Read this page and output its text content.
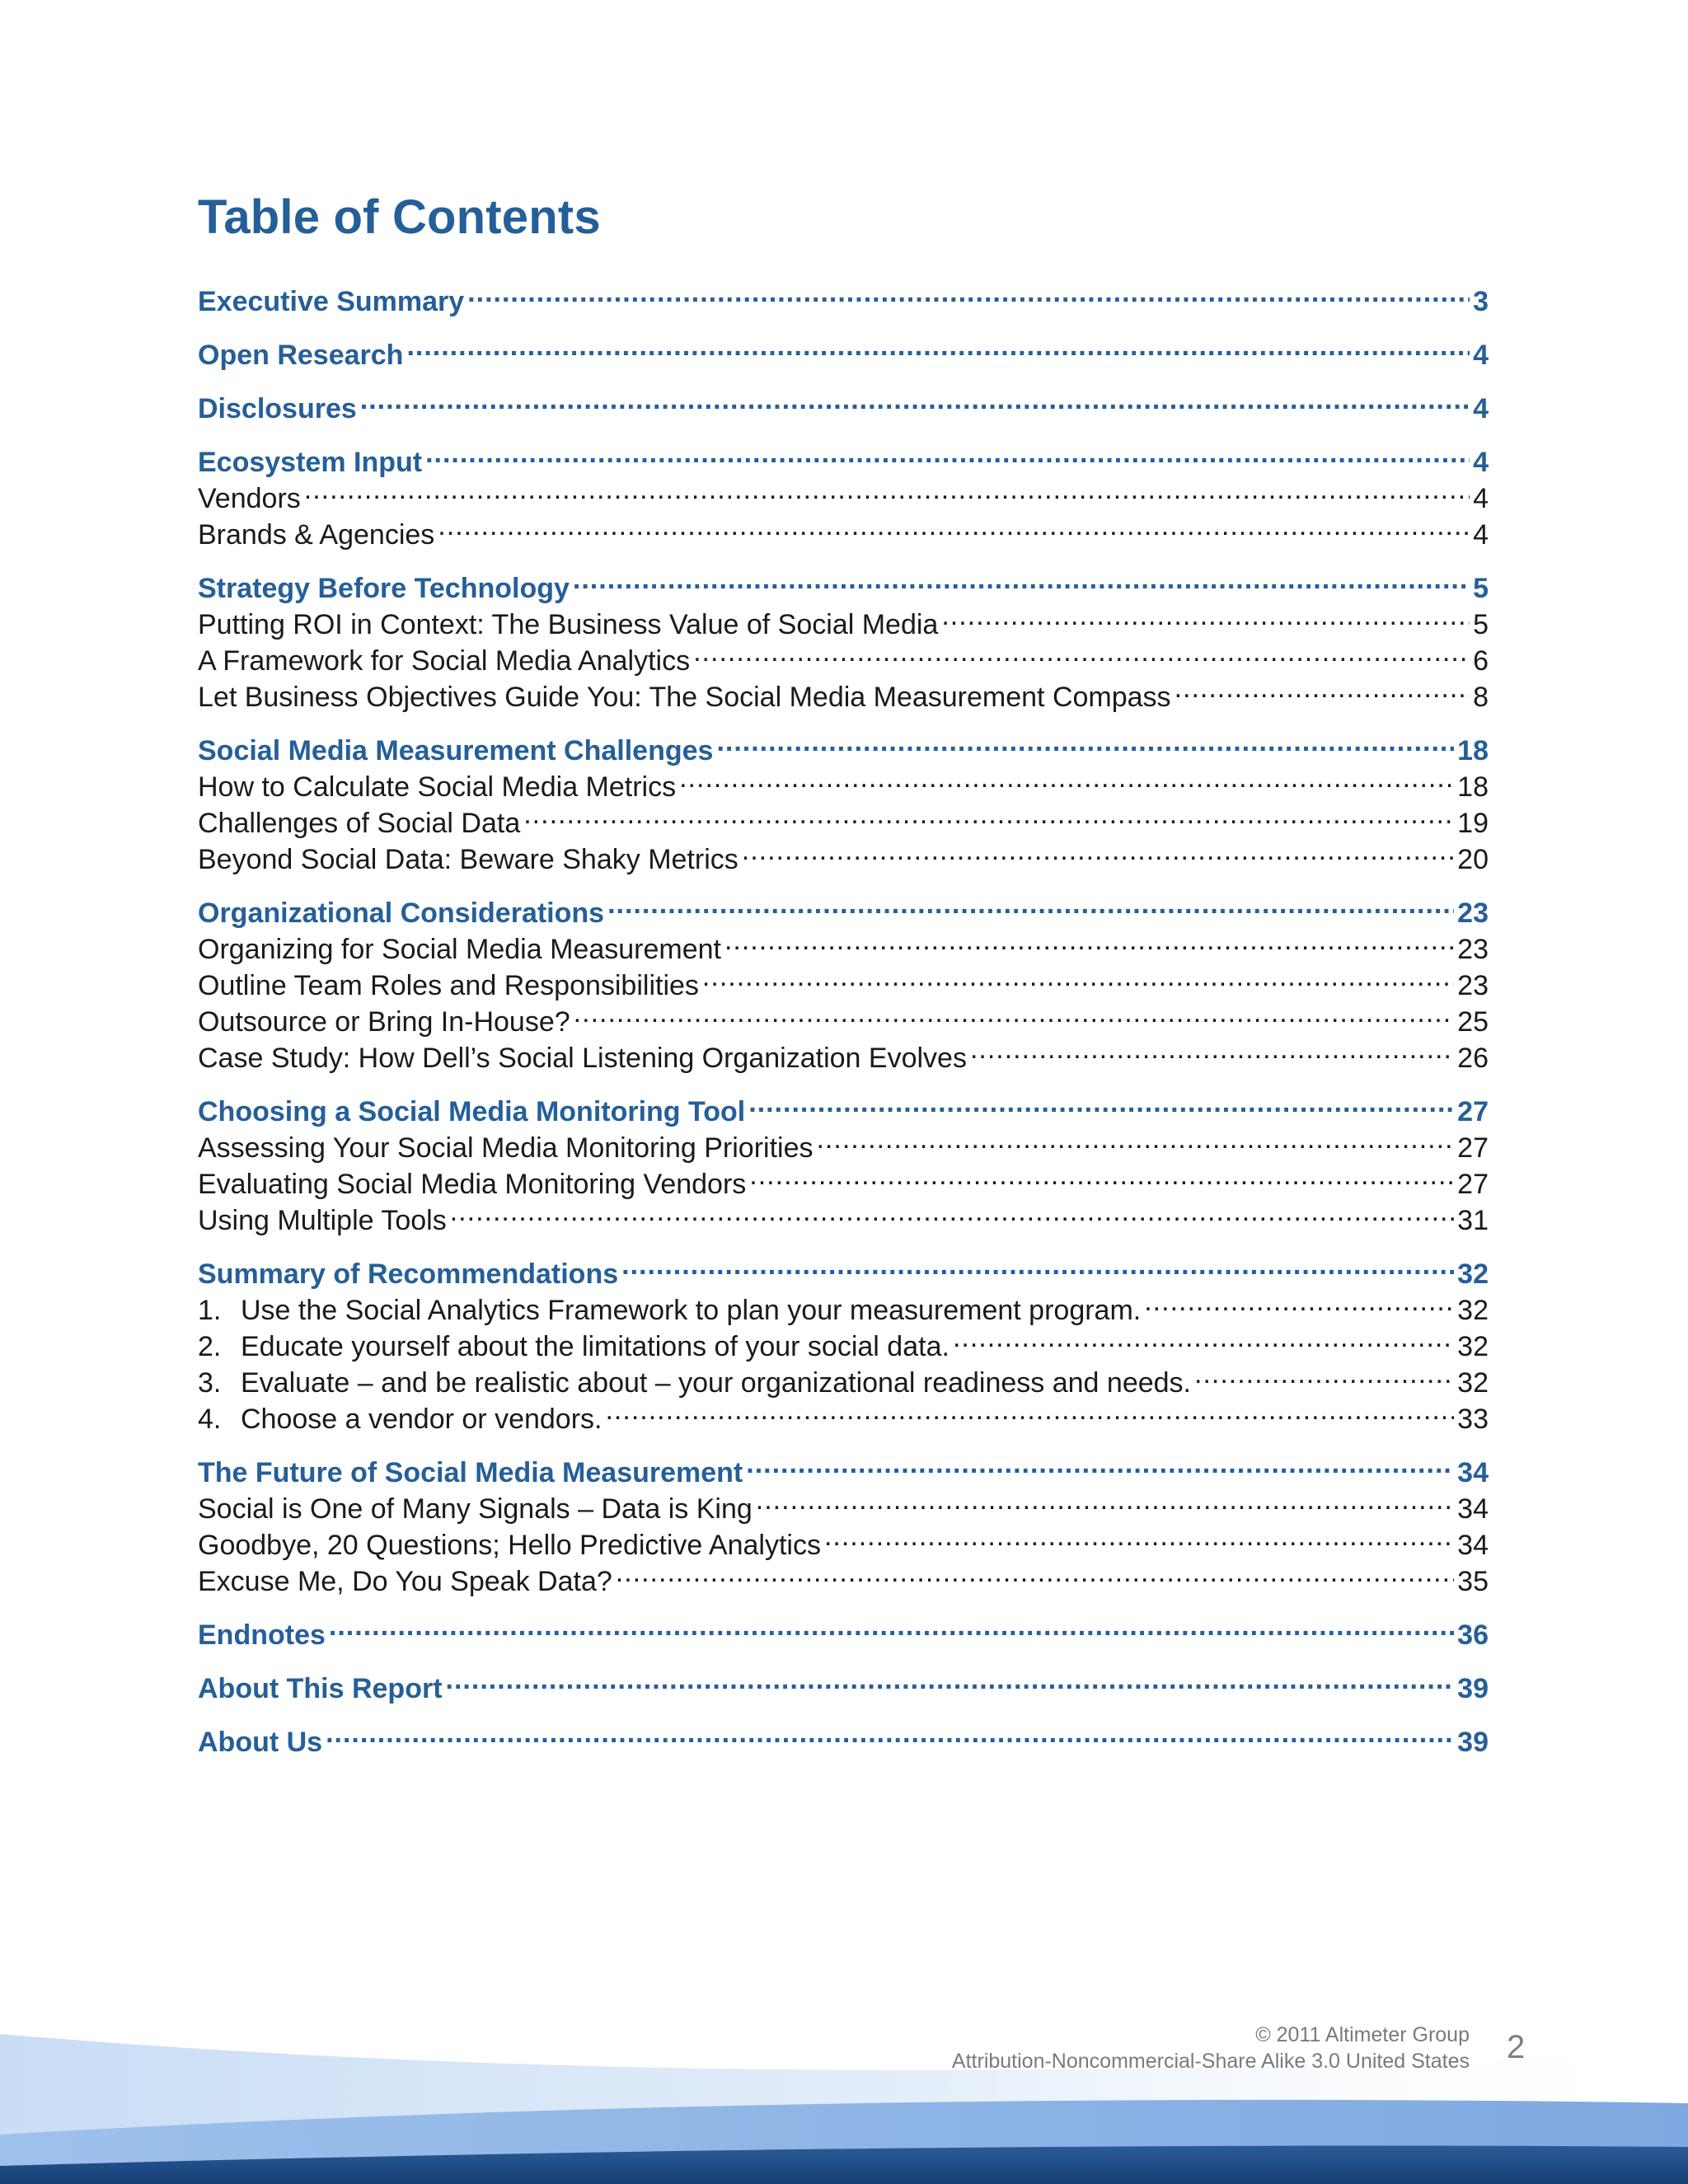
Table of Contents
Executive Summary .....	3
Open Research .....	4
Disclosures .....	4
Ecosystem Input .....	4
Vendors .....	4
Brands & Agencies .....	4
Strategy Before Technology .....	5
Putting ROI in Context: The Business Value of Social Media .....	5
A Framework for Social Media Analytics .....	6
Let Business Objectives Guide You: The Social Media Measurement Compass .....	8
Social Media Measurement Challenges .....	18
How to Calculate Social Media Metrics .....	18
Challenges of Social Data .....	19
Beyond Social Data: Beware Shaky Metrics .....	20
Organizational Considerations .....	23
Organizing for Social Media Measurement .....	23
Outline Team Roles and Responsibilities .....	23
Outsource or Bring In-House? .....	25
Case Study: How Dell’s Social Listening Organization Evolves .....	26
Choosing a Social Media Monitoring Tool .....	27
Assessing Your Social Media Monitoring Priorities .....	27
Evaluating Social Media Monitoring Vendors .....	27
Using Multiple Tools .....	31
Summary of Recommendations .....	32
1. Use the Social Analytics Framework to plan your measurement program. .....	32
2. Educate yourself about the limitations of your social data. .....	32
3. Evaluate – and be realistic about – your organizational readiness and needs. .....	32
4. Choose a vendor or vendors. .....	33
The Future of Social Media Measurement .....	34
Social is One of Many Signals – Data is King .....	34
Goodbye, 20 Questions; Hello Predictive Analytics .....	34
Excuse Me, Do You Speak Data? .....	35
Endnotes .....	36
About This Report .....	39
About Us .....	39
© 2011 Altimeter Group
Attribution-Noncommercial-Share Alike 3.0 United States 2
